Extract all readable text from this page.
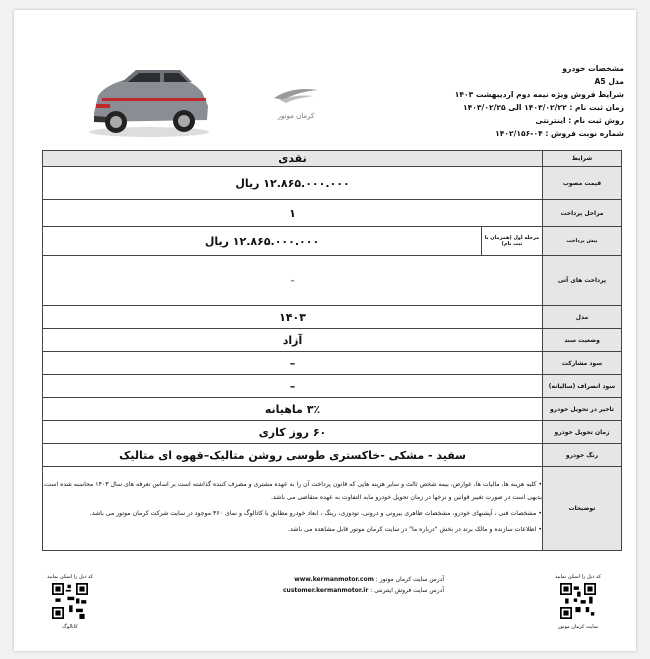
کرمان موتور
مشخصات خودرو
مدل A5
شرایط فروش ویژه نیمه دوم اردیبهشت ۱۴۰۳
زمان ثبت نام : ۱۴۰۳/۰۲/۲۲ الی ۱۴۰۳/۰۲/۲۵
روش ثبت نام : اینترنتی
شماره نوبت فروش : ۰۴-۱۴۰۲/۱۵۶
شرایط	نقدی	
قیمت مصوب	۱۲.۸۶۵.۰۰۰.۰۰۰ ریال	
مراحل پرداخت	۱	
پیش پرداخت	مرحله اول (همزمان با ثبت نام)	۱۲.۸۶۵.۰۰۰.۰۰۰ ریال
پرداخت های آتی	-	
مدل	۱۴۰۳	
وضعیت سند	آزاد	
سود مشارکت	–	
سود انصراف (سالیانه)	–	
تاخیر در تحویل خودرو	۳٪ ماهیانه	
زمان تحویل خودرو	۶۰ روز کاری	
رنگ خودرو	سفید - مشکی -خاکستری طوسی روشن متالیک–قهوه ای متالیک	
توضیحات	• کلیه هزینه ها، مالیات ها، عوارض، بیمه شخص ثالث و سایر هزینه هایی که قانون پرداخت آن را به عهده مشتری و مصرف کننده گذاشته است بر اساس تعرفه های سال ۱۴۰۳ محاسبه شده است، بدیهی است در صورت تغییر قوانین و نرخها در زمان تحویل خودرو مابه التفاوت به عهده متقاضی می باشد.
• مشخصات فنی ، آپشنهای خودرو، مشخصات ظاهری بیرونی و درونی، تودوزی، رینگ ، ابعاد خودرو مطابق با کاتالوگ و نمای ۳۶۰ موجود در سایت شرکت کرمان موتور می باشد.
• اطلاعات سازنده و مالک برند در بخش "درباره ما" در سایت کرمان موتور قابل مشاهده می باشد.	
کد ذیل را اسکن نمایید
کاتالوگ
آدرس سایت کرمان موتور : www.kermanmotor.com
آدرس سایت فروش اینترنتی : customer.kermanmotor.ir
کد ذیل را اسکن نمایید
سایت کرمان موتور
